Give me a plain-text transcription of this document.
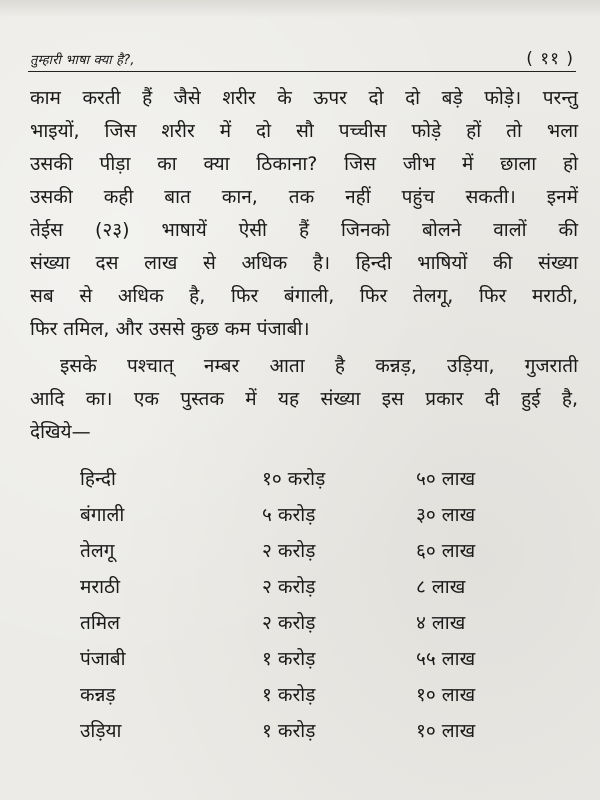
तुम्हारी भाषा क्या है?,	( ११ )
काम करती हैं जैसे शरीर के ऊपर दो दो बड़े फोड़े। परन्तु
भाइयों, जिस शरीर में दो सौ पच्चीस फोड़े हों तो भला
उसकी पीड़ा का क्या ठिकाना? जिस जीभ में छाला हो
उसकी कही बात कान, तक नहीं पहुंच सकती। इनमें
तेईस (२३) भाषायें ऐसी हैं जिनको बोलने वालों की
संख्या दस लाख से अधिक है। हिन्दी भाषियों की संख्या
सब से अधिक है, फिर बंगाली, फिर तेलगू, फिर मराठी,
फिर तमिल, और उससे कुछ कम पंजाबी।
इसके पश्चात् नम्बर आता है कन्नड़, उड़िया, गुजराती
आदि का। एक पुस्तक में यह संख्या इस प्रकार दी हुई है,
देखिये—
हिन्दी	१० करोड़	५० लाख
बंगाली	५ करोड़	३० लाख
तेलगू	२ करोड़	६० लाख
मराठी	२ करोड़	८ लाख
तमिल	२ करोड़	४ लाख
पंजाबी	१ करोड़	५५ लाख
कन्नड़	१ करोड़	१० लाख
उड़िया	१ करोड़	१० लाख
